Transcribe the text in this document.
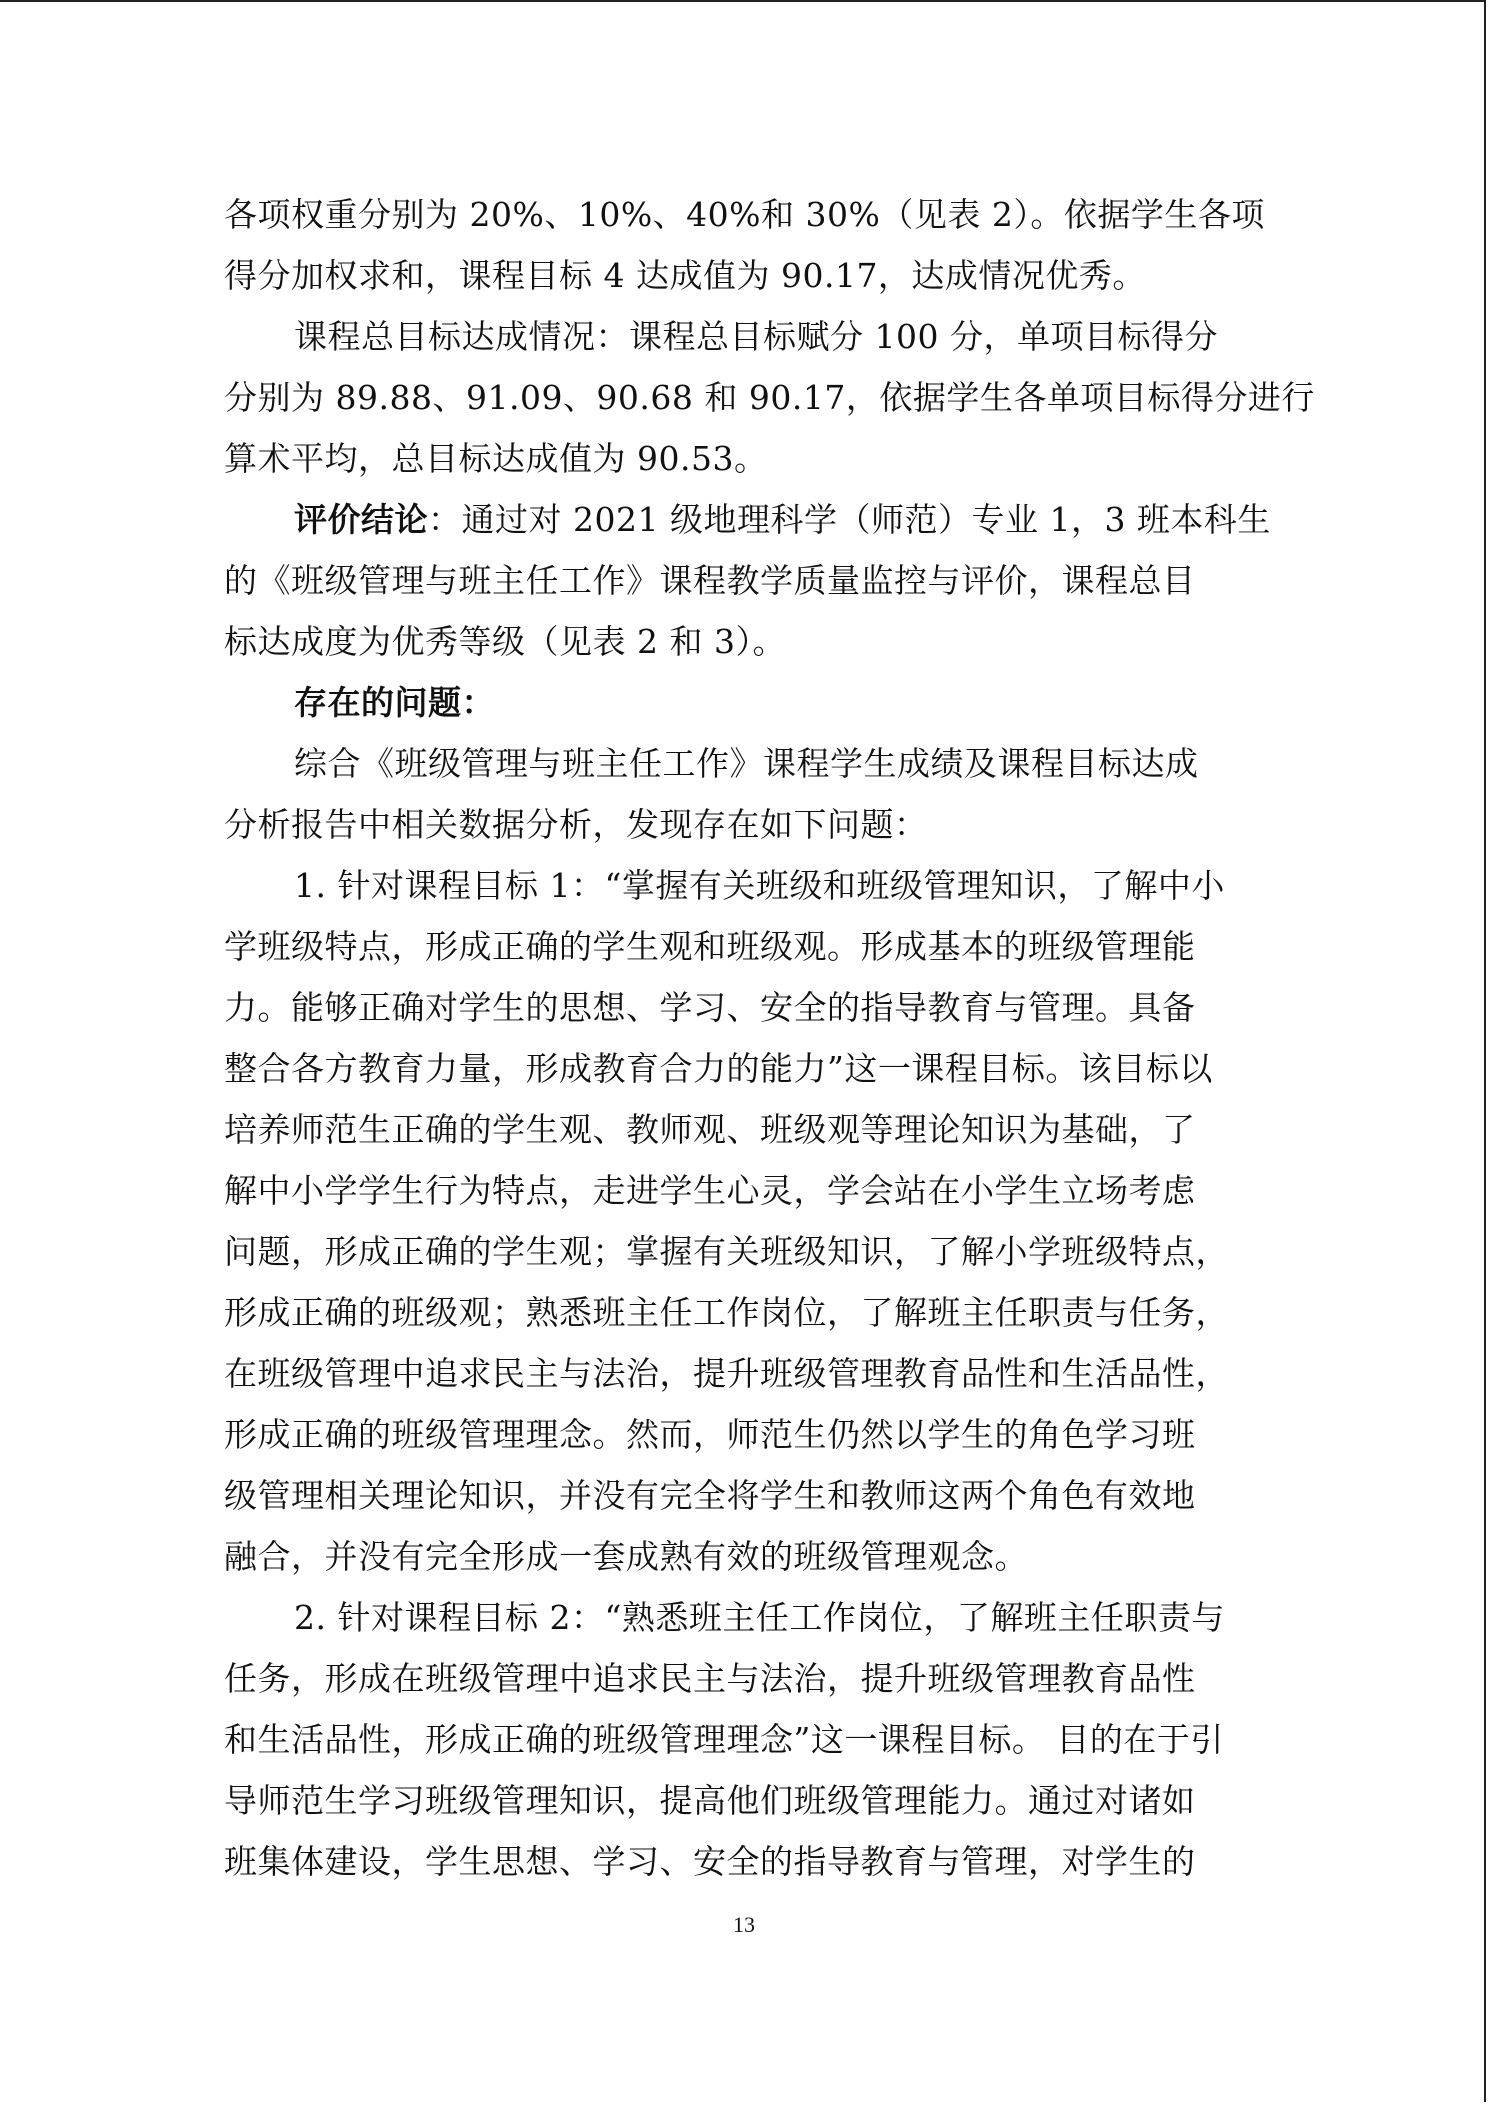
各项权重分别为 20%、10%、40%和 30%（见表 2）。依据学生各项
得分加权求和，课程目标 4 达成值为 90.17，达成情况优秀。
课程总目标达成情况：课程总目标赋分 100 分，单项目标得分
分别为 89.88、91.09、90.68 和 90.17，依据学生各单项目标得分进行
算术平均，总目标达成值为 90.53。
评价结论：通过对 2021 级地理科学（师范）专业 1，3 班本科生
的《班级管理与班主任工作》课程教学质量监控与评价，课程总目
标达成度为优秀等级（见表 2 和 3）。
存在的问题：
综合《班级管理与班主任工作》课程学生成绩及课程目标达成
分析报告中相关数据分析，发现存在如下问题：
1. 针对课程目标 1：“掌握有关班级和班级管理知识，了解中小
学班级特点，形成正确的学生观和班级观。形成基本的班级管理能
力。能够正确对学生的思想、学习、安全的指导教育与管理。具备
整合各方教育力量，形成教育合力的能力”这一课程目标。该目标以
培养师范生正确的学生观、教师观、班级观等理论知识为基础，了
解中小学学生行为特点，走进学生心灵，学会站在小学生立场考虑
问题，形成正确的学生观；掌握有关班级知识，了解小学班级特点，
形成正确的班级观；熟悉班主任工作岗位，了解班主任职责与任务，
在班级管理中追求民主与法治，提升班级管理教育品性和生活品性，
形成正确的班级管理理念。然而，师范生仍然以学生的角色学习班
级管理相关理论知识，并没有完全将学生和教师这两个角色有效地
融合，并没有完全形成一套成熟有效的班级管理观念。
2. 针对课程目标 2：“熟悉班主任工作岗位，了解班主任职责与
任务，形成在班级管理中追求民主与法治，提升班级管理教育品性
和生活品性，形成正确的班级管理理念”这一课程目标。 目的在于引
导师范生学习班级管理知识，提高他们班级管理能力。通过对诸如
班集体建设，学生思想、学习、安全的指导教育与管理，对学生的
13
